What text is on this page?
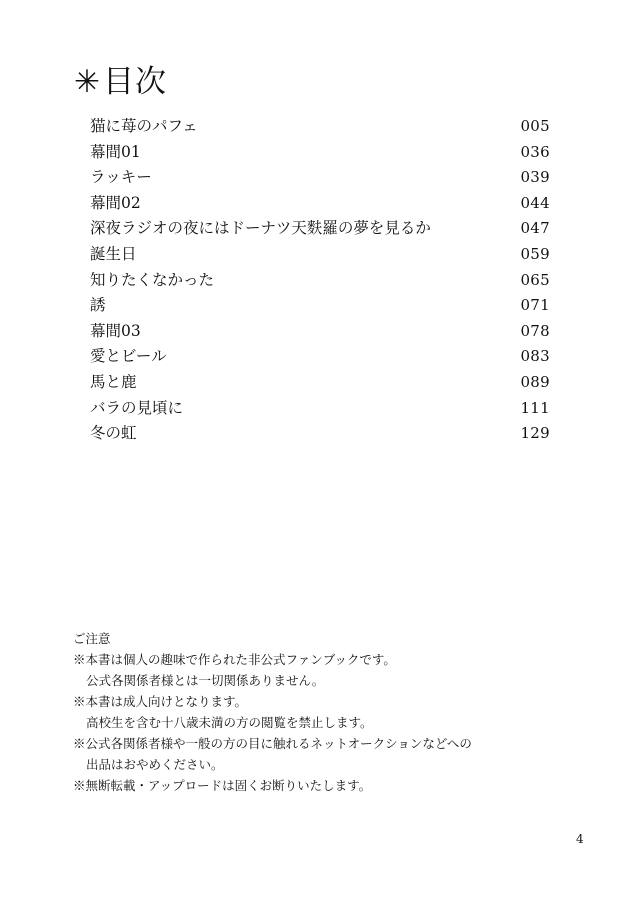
✳目次
猫に苺のパフェ	005
幕間01	036
ラッキー	039
幕間02	044
深夜ラジオの夜にはドーナツ天麩羅の夢を見るか	047
誕生日	059
知りたくなかった	065
誘	071
幕間03	078
愛とビール	083
馬と鹿	089
バラの見頃に	111
冬の虹	129
ご注意
※本書は個人の趣味で作られた非公式ファンブックです。
公式各関係者様とは一切関係ありません。
※本書は成人向けとなります。
高校生を含む十八歳未満の方の閲覧を禁止します。
※公式各関係者様や一般の方の目に触れるネットオークションなどへの
出品はおやめください。
※無断転載・アップロードは固くお断りいたします。
4
